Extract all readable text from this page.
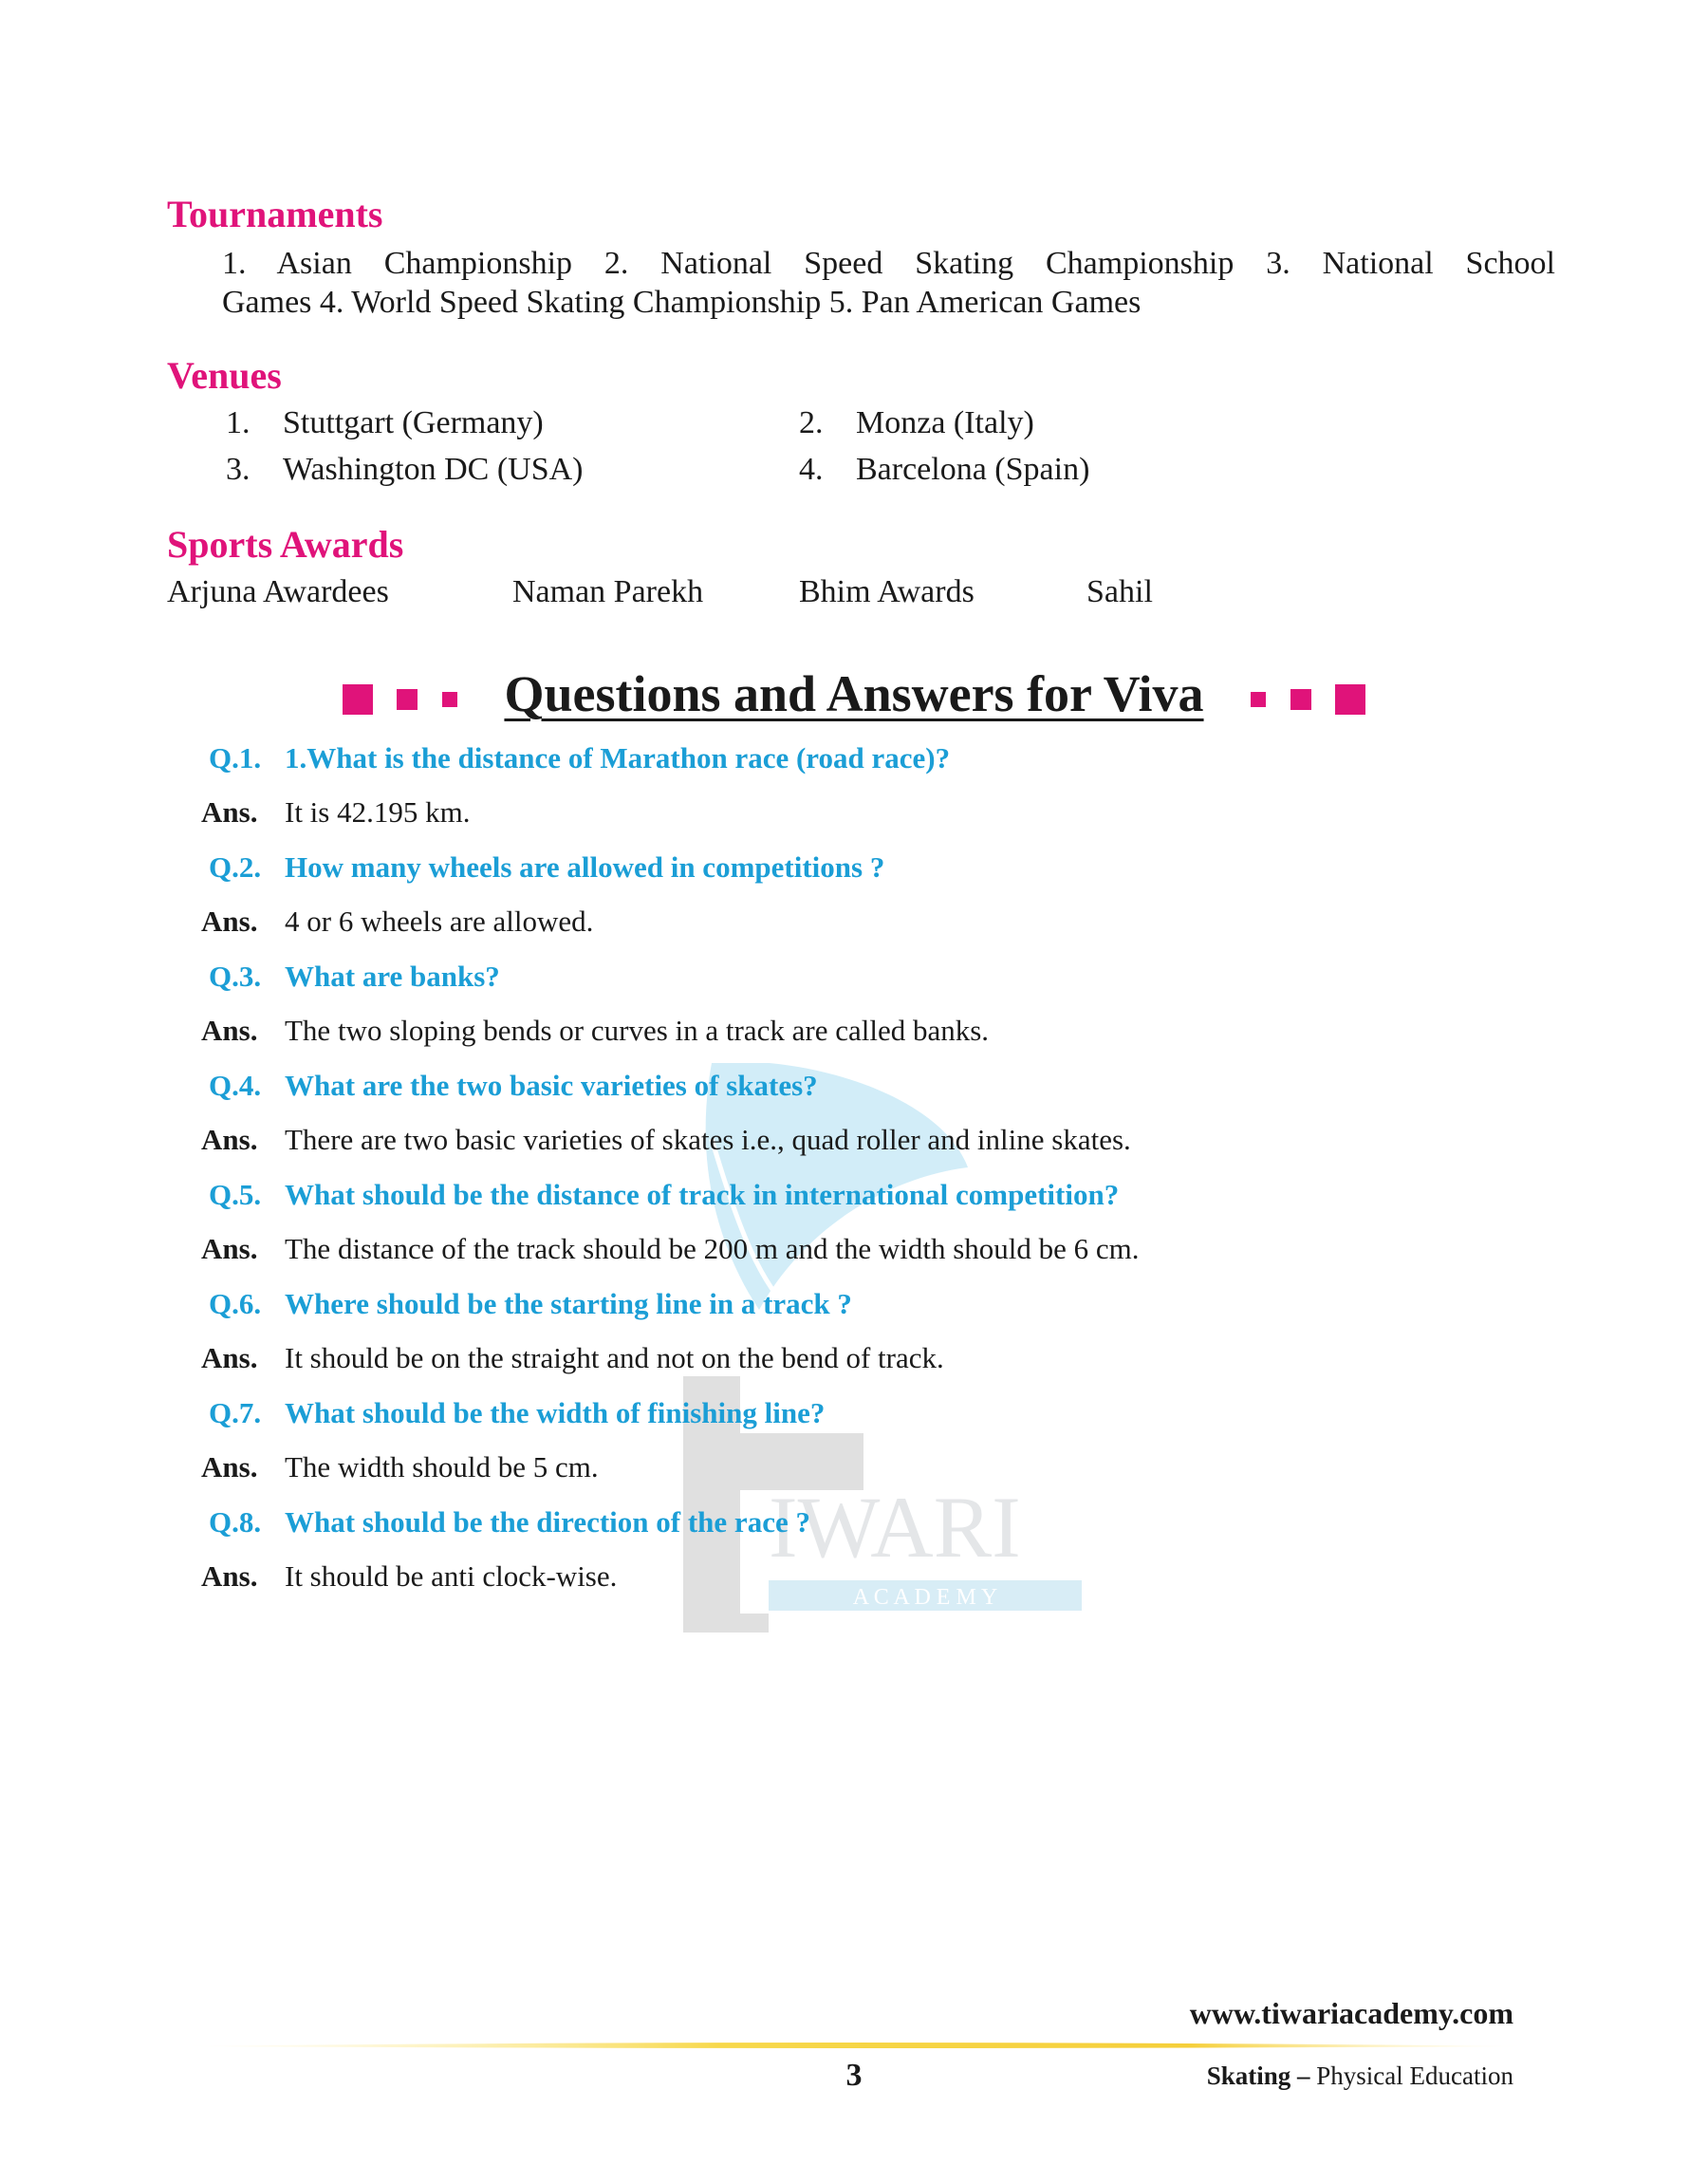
Tournaments
1. Asian Championship 2. National Speed Skating Championship 3. National School
Games 4. World Speed Skating Championship 5. Pan American Games
Venues
1. Stuttgart (Germany)	2. Monza (Italy)
3. Washington DC (USA)	4. Barcelona (Spain)
Sports Awards
Arjuna Awardees	Naman Parekh	Bhim Awards	Sahil
Questions and Answers for Viva
IWARI
A C A D E M Y
Q.1. 1.What is the distance of Marathon race (road race)?
Ans. It is 42.195 km.
Q.2. How many wheels are allowed in competitions ?
Ans. 4 or 6 wheels are allowed.
Q.3. What are banks?
Ans. The two sloping bends or curves in a track are called banks.
Q.4. What are the two basic varieties of skates?
Ans. There are two basic varieties of skates i.e., quad roller and inline skates.
Q.5. What should be the distance of track in international competition?
Ans. The distance of the track should be 200 m and the width should be 6 cm.
Q.6. Where should be the starting line in a track ?
Ans. It should be on the straight and not on the bend of track.
Q.7. What should be the width of finishing line?
Ans. The width should be 5 cm.
Q.8. What should be the direction of the race ?
Ans. It should be anti clock-wise.
www.tiwariacademy.com
3	Skating – Physical Education
